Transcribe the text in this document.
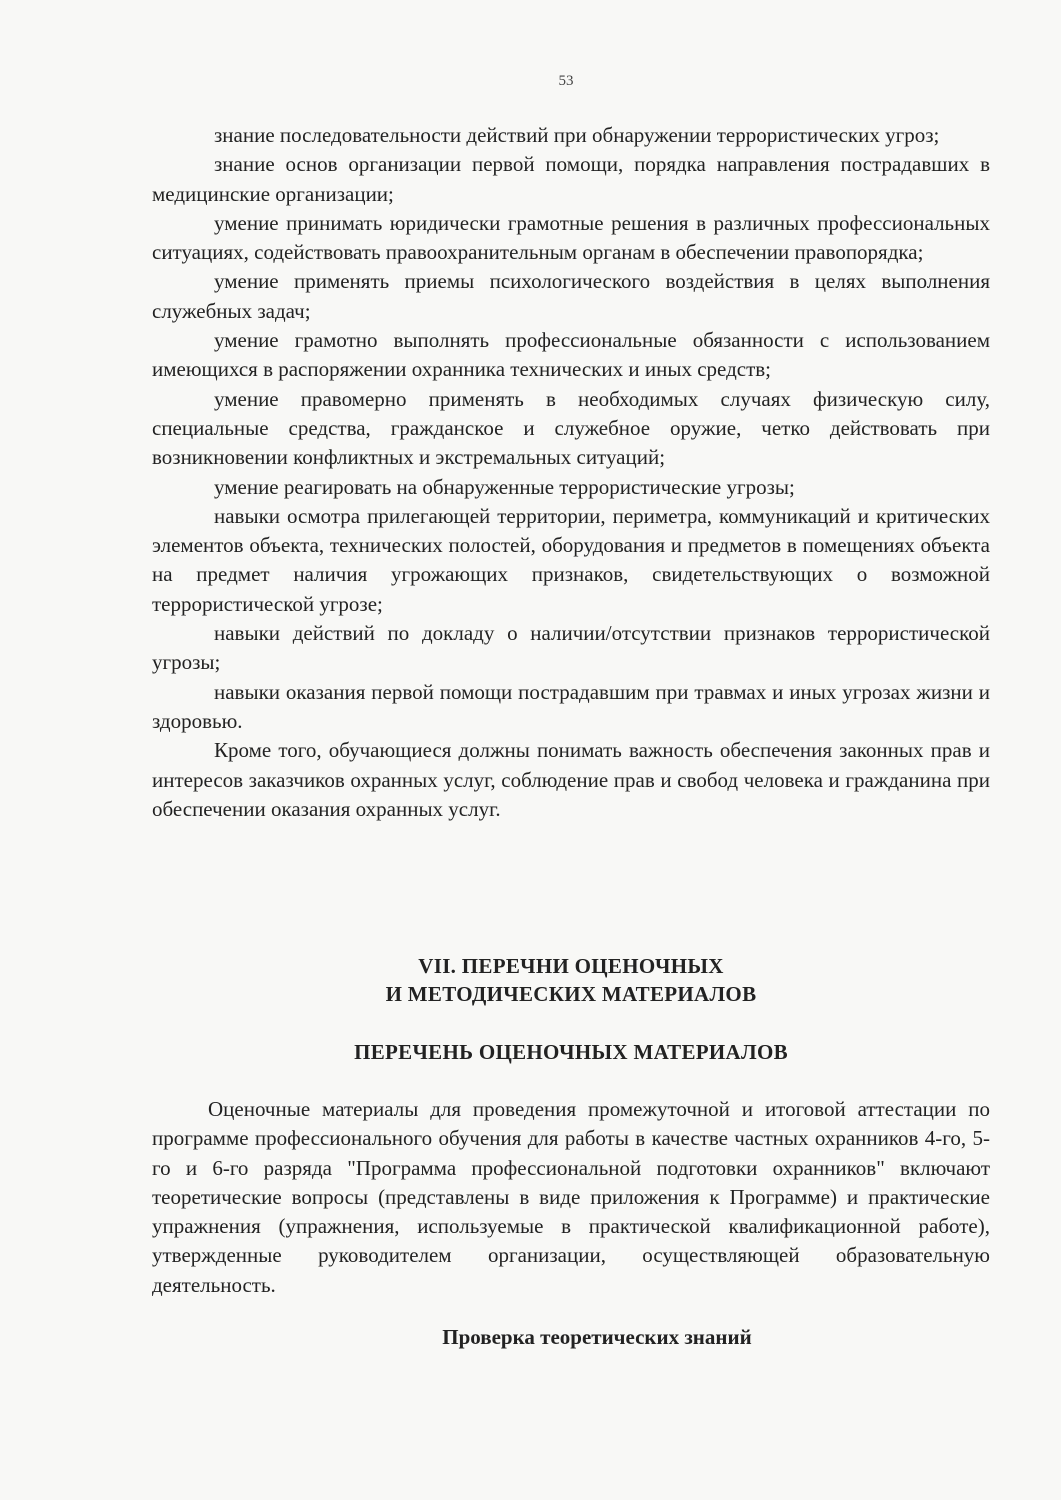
53

знание последовательности действий при обнаружении террористических угроз;

знание основ организации первой помощи, порядка направления пострадавших в медицинские организации;

умение принимать юридически грамотные решения в различных профессиональных ситуациях, содействовать правоохранительным органам в обеспечении правопорядка;

умение применять приемы психологического воздействия в целях выполнения служебных задач;

умение грамотно выполнять профессиональные обязанности с использованием имеющихся в распоряжении охранника технических и иных средств;

умение правомерно применять в необходимых случаях физическую силу, специальные средства, гражданское и служебное оружие, четко действовать при возникновении конфликтных и экстремальных ситуаций;

умение реагировать на обнаруженные террористические угрозы;

навыки осмотра прилегающей территории, периметра, коммуникаций и критических элементов объекта, технических полостей, оборудования и предметов в помещениях объекта на предмет наличия угрожающих признаков, свидетельствующих о возможной террористической угрозе;

навыки действий по докладу о наличии/отсутствии признаков террористической угрозы;

навыки оказания первой помощи пострадавшим при травмах и иных угрозах жизни и здоровью.

Кроме того, обучающиеся должны понимать важность обеспечения законных прав и интересов заказчиков охранных услуг, соблюдение прав и свобод человека и гражданина при обеспечении оказания охранных услуг.

VII. ПЕРЕЧНИ ОЦЕНОЧНЫХ
И МЕТОДИЧЕСКИХ МАТЕРИАЛОВ
ПЕРЕЧЕНЬ ОЦЕНОЧНЫХ МАТЕРИАЛОВ

Оценочные материалы для проведения промежуточной и итоговой аттестации по программе профессионального обучения для работы в качестве частных охранников 4-го, 5-го и 6-го разряда "Программа профессиональной подготовки охранников" включают теоретические вопросы (представлены в виде приложения к Программе) и практические упражнения (упражнения, используемые в практической квалификационной работе), утвержденные руководителем организации, осуществляющей образовательную деятельность.

Проверка теоретических знаний
